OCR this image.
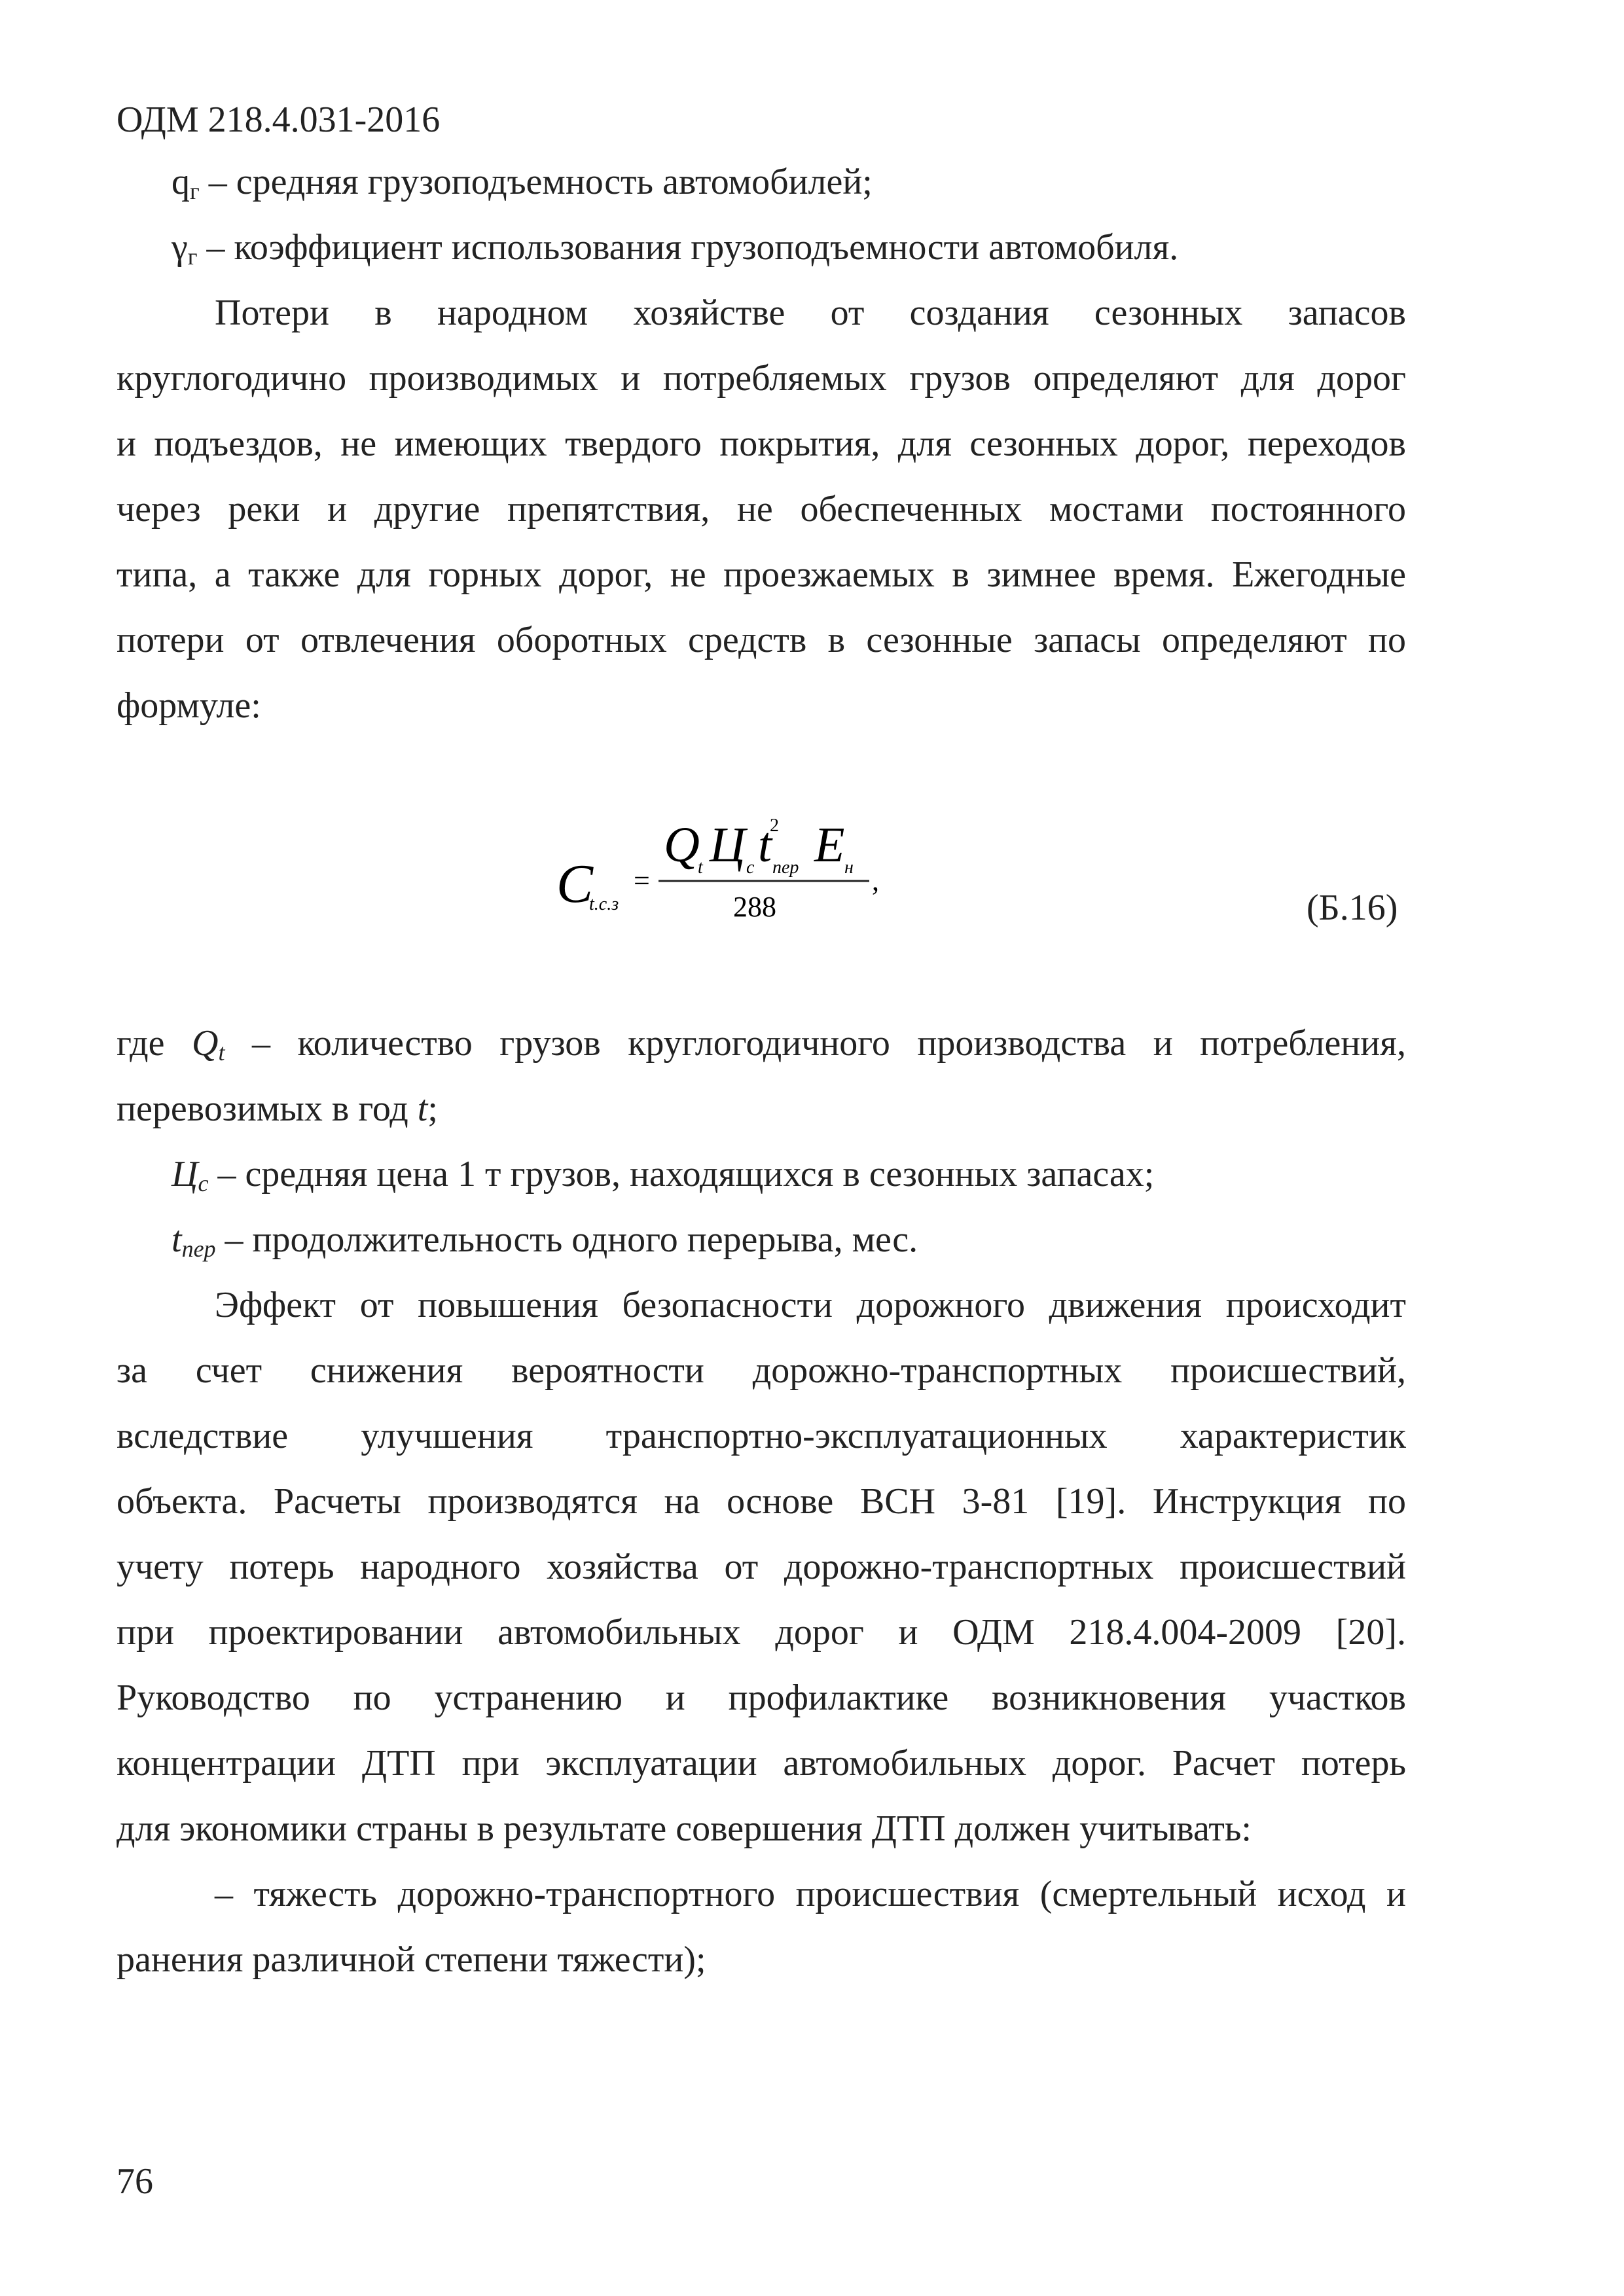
ОДМ 218.4.031-2016
$q_г$ – средняя грузоподъемность автомобилей;
$\gamma_г$ – коэффициент использования грузоподъемности автомобиля.
Потери в народном хозяйстве от создания сезонных запасов
круглогодично производимых и потребляемых грузов определяют для дорог
и подъездов, не имеющих твердого покрытия, для сезонных дорог, переходов
через реки и другие препятствия, не обеспеченных мостами постоянного
типа, а также для горных дорог, не проезжаемых в зимнее время. Ежегодные
потери от отвлечения оборотных средств в сезонные запасы определяют по
формуле:
C
t.c.з
=
Q
t Ц с t
2
пер E н
288
,
(Б.16)
где $Q_t$ – количество грузов круглогодичного производства и потребления,
перевозимых в год t;
$Ц_с$ – средняя цена 1 т грузов, находящихся в сезонных запасах;
$t_{пер}$ – продолжительность одного перерыва, мес.
Эффект от повышения безопасности дорожного движения происходит
за счет снижения вероятности дорожно-транспортных происшествий,
вследствие улучшения транспортно-эксплуатационных характеристик
объекта. Расчеты производятся на основе ВСН 3-81 [19]. Инструкция по
учету потерь народного хозяйства от дорожно-транспортных происшествий
при проектировании автомобильных дорог и ОДМ 218.4.004-2009 [20].
Руководство по устранению и профилактике возникновения участков
концентрации ДТП при эксплуатации автомобильных дорог. Расчет потерь
для экономики страны в результате совершения ДТП должен учитывать:
– тяжесть дорожно-транспортного происшествия (смертельный исход и
ранения различной степени тяжести);
76
